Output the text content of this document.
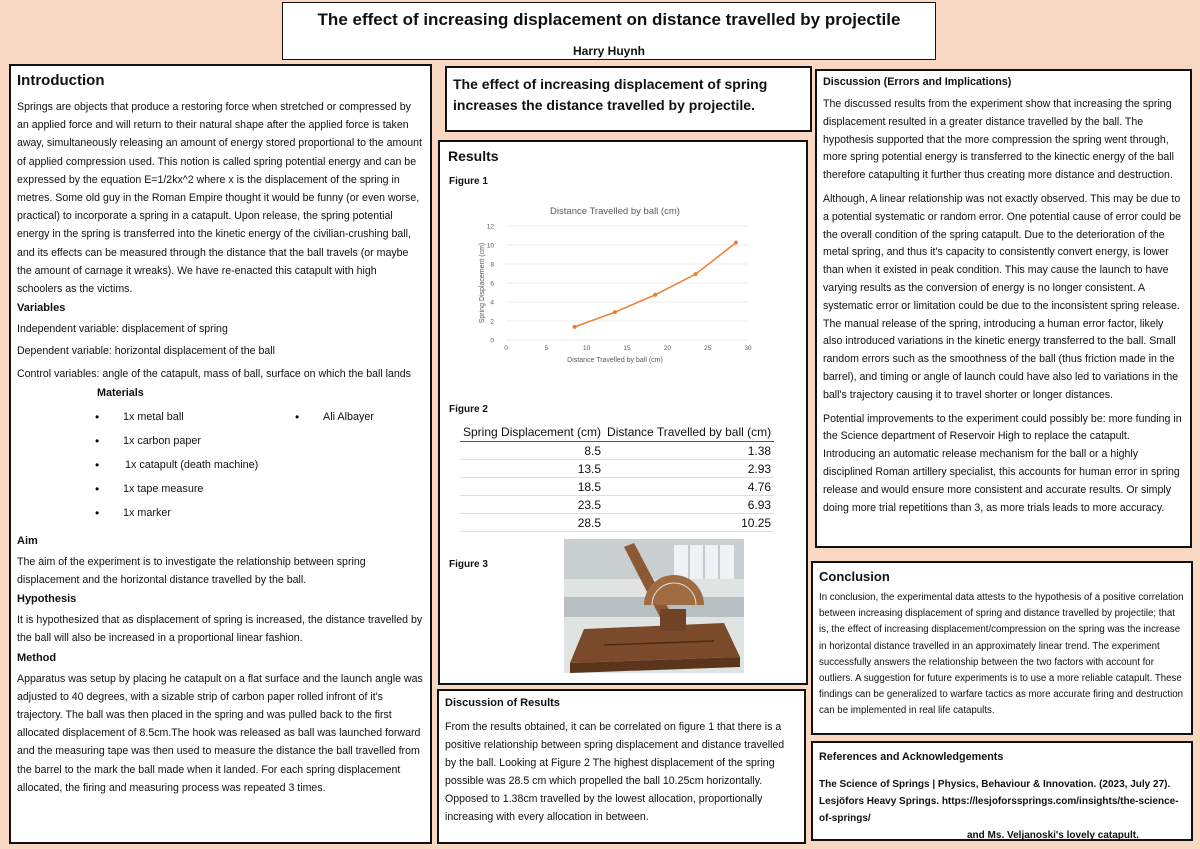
The effect of increasing displacement on distance travelled by projectile
Harry Huynh
Introduction

Springs are objects that produce a restoring force when stretched or compressed by an applied force and will return to their natural shape after the applied force is taken away, simultaneously releasing an amount of energy stored proportional to the amount of applied compression used. This notion is called spring potential energy and can be expressed by the equation E=1/2kx^2 where x is the displacement of the spring in metres. Some old guy in the Roman Empire thought it would be funny (or even worse, practical) to incorporate a spring in a catapult. Upon release, the spring potential energy in the spring is transferred into the kinetic energy of the civilian-crushing ball, and its effects can be measured through the distance that the ball travels (or maybe the amount of carnage it wreaks). We have re-enacted this catapult with high schoolers as the victims.

Variables

Independent variable: displacement of spring

Dependent variable: horizontal displacement of the ball

Control variables: angle of the catapult, mass of ball, surface on which the ball lands

Materials
• 1x metal ball
• 1x carbon paper
• 1x catapult (death machine)
• 1x tape measure
• 1x marker
• Ali Albayer
Aim

The aim of the experiment is to investigate the relationship between spring displacement and the horizontal distance travelled by the ball.

Hypothesis

It is hypothesized that as displacement of spring is increased, the distance travelled by the ball will also be increased in a proportional linear fashion.

Method

Apparatus was setup by placing he catapult on a flat surface and the launch angle was adjusted to 40 degrees, with a sizable strip of carbon paper rolled infront of it's trajectory. The ball was then placed in the spring and was pulled back to the first allocated displacement of 8.5cm.The hook was released as ball was launched forward and the measuring tape was then used to measure the distance the ball travelled from the barrel to the mark the ball made when it landed. For each spring displacement allocated, the firing and measuring process was repeated 3 times.

The effect of increasing displacement of spring increases the distance travelled by projectile.
Results
Figure 1
Distance Travelled by ball (cm)
0
2
4
6
8
10
12
0	5	10	15	20	25	30
Distance Travelled by ball (cm)
Spring Displacement (cm)
Figure 2
Spring Displacement (cm)	Distance Travelled by ball (cm)
8.5	1.38
13.5	2.93
18.5	4.76
23.5	6.93
28.5	10.25
Figure 3
Discussion of Results

From the results obtained, it can be correlated on figure 1 that there is a positive relationship between spring displacement and distance travelled by the ball. Looking at Figure 2 The highest displacement of the spring possible was 28.5 cm which propelled the ball 10.25cm horizontally. Opposed to 1.38cm travelled by the lowest allocation, proportionally increasing with every allocation in between.

Discussion (Errors and Implications)

The discussed results from the experiment show that increasing the spring displacement resulted in a greater distance travelled by the ball. The hypothesis supported that the more compression the spring went through, more spring potential energy is transferred to the kinectic energy of the ball therefore catapulting it further thus creating more distance and destruction.

Although, A linear relationship was not exactly observed. This may be due to a potential systematic or random error. One potential cause of error could be the overall condition of the spring catapult. Due to the deterioration of the metal spring, and thus it's capacity to consistently convert energy, is lower than when it existed in peak condition. This may cause the launch to have varying results as the conversion of energy is no longer consistent. A systematic error or limitation could be due to the inconsistent spring release. The manual release of the spring, introducing a human error factor, likely also introduced variations in the kinetic energy transferred to the ball. Small random errors such as the smoothness of the ball (thus friction made in the barrel), and timing or angle of launch could have also led to variations in the ball's trajectory causing it to travel shorter or longer distances.

Potential improvements to the experiment could possibly be: more funding in the Science department of Reservoir High to replace the catapult. Introducing an automatic release mechanism for the ball or a highly disciplined Roman artillery specialist, this accounts for human error in spring release and would ensure more consistent and accurate results. Or simply doing more trial repetitions than 3, as more trials leads to more accuracy.

Conclusion

In conclusion, the experimental data attests to the hypothesis of a positive correlation between increasing displacement of spring and distance travelled by projectile; that is, the effect of increasing displacement/compression on the spring was the increase in horizontal distance travelled in an approximately linear trend. The experiment successfully answers the relationship between the two factors with account for outliers. A suggestion for future experiments is to use a more reliable catapult. These findings can be generalized to warfare tactics as more accurate firing and destruction can be implemented in real life catapults.

References and Acknowledgements

The Science of Springs | Physics, Behaviour & Innovation. (2023, July 27). Lesjöfors Heavy Springs. https://lesjoforssprings.com/insights/the-science-of-springs/

and Ms. Veljanoski's lovely catapult.
